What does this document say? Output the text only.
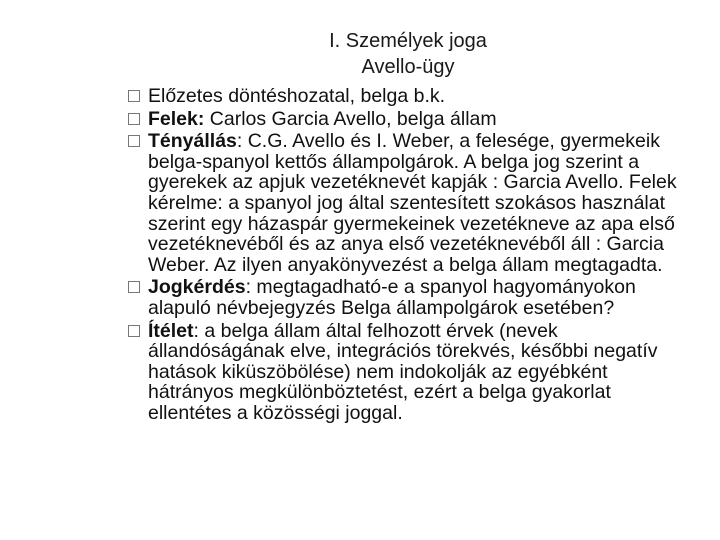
I. Személyek joga
Avello-ügy
Előzetes döntéshozatal, belga b.k.
Felek: Carlos Garcia Avello, belga állam
Tényállás: C.G. Avello és I. Weber, a felesége, gyermekeik belga-spanyol kettős állampolgárok. A belga jog szerint a gyerekek az apjuk vezetéknevét kapják : Garcia Avello. Felek kérelme: a spanyol jog által szentesített szokásos használat szerint egy házaspár gyermekeinek vezetékneve az apa első vezetéknevéből és az anya első vezetéknevéből áll : Garcia Weber. Az ilyen anyakönyvezést a belga állam megtagadta.
Jogkérdés: megtagadható-e a spanyol hagyományokon alapuló névbejegyzés Belga állampolgárok esetében?
Ítélet: a belga állam által felhozott érvek (nevek állandóságának elve, integrációs törekvés, későbbi negatív hatások kiküszöbölése) nem indokolják az egyébként hátrányos megkülönböztetést, ezért a belga gyakorlat ellentétes a közösségi joggal.
